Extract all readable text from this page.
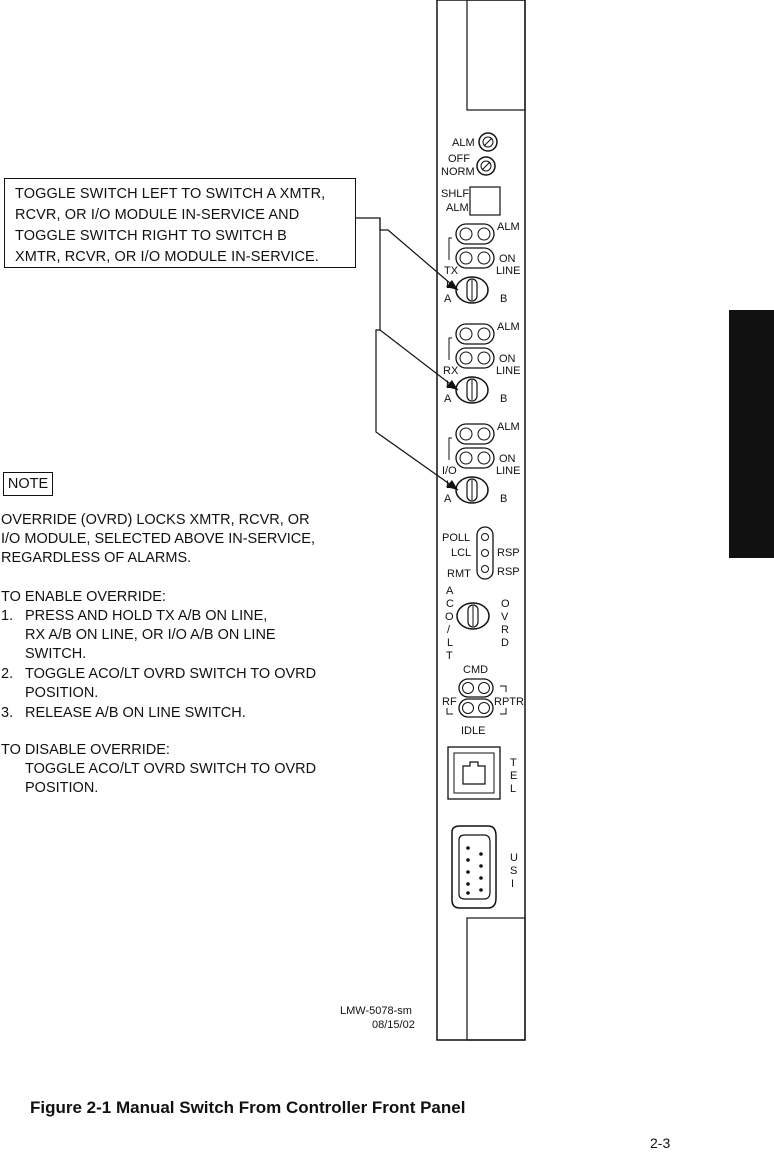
TOGGLE SWITCH LEFT TO SWITCH A XMTR,
RCVR, OR I/O MODULE IN-SERVICE AND
TOGGLE SWITCH RIGHT TO SWITCH B
XMTR, RCVR, OR I/O MODULE IN-SERVICE.
NOTE
OVERRIDE (OVRD) LOCKS XMTR, RCVR, OR
I/O MODULE, SELECTED ABOVE IN-SERVICE,
REGARDLESS OF ALARMS.
TO ENABLE OVERRIDE:
1. PRESS AND HOLD TX A/B ON LINE,
RX A/B ON LINE, OR I/O A/B ON LINE
SWITCH.
2. TOGGLE ACO/LT OVRD SWITCH TO OVRD
POSITION.
3. RELEASE A/B ON LINE SWITCH.
TO DISABLE OVERRIDE:
TOGGLE ACO/LT OVRD SWITCH TO OVRD
POSITION.
LMW-5078-sm
08/15/02
ALM
OFF
NORM
SHLF
ALM
ALM
ON
LINE
TX
L
A	B
ALM
ON
LINE
RX
L
A	B
ALM
ON
LINE
I/O
L
A	B
POLL
LCL
RMT
RSP
RSP
A
C
O
/
L
T
O
V
R
D
CMD
RF	RPTR
IDLE
T
E
L
U
S
I
Figure 2-1 Manual Switch From Controller Front Panel
2-3
